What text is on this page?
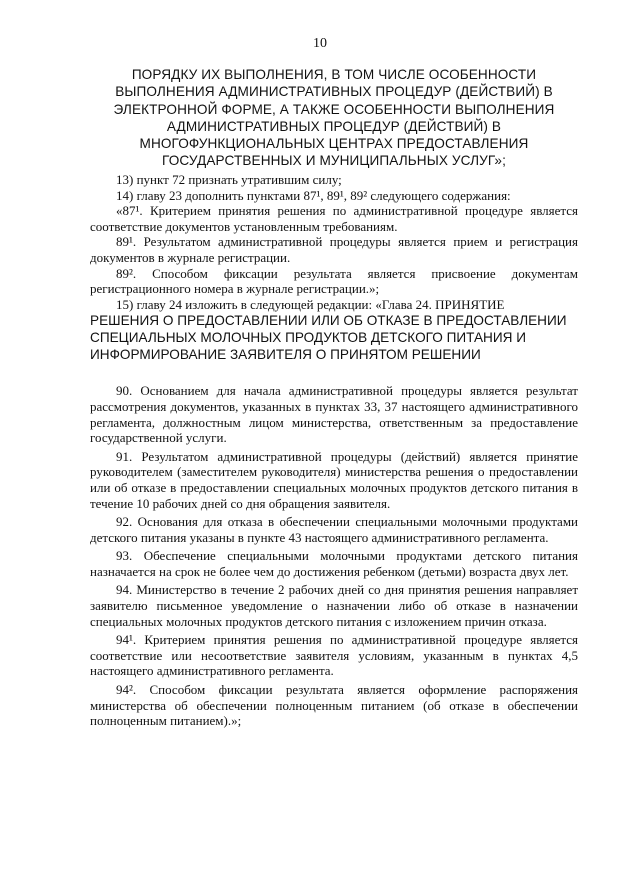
10
ПОРЯДКУ ИХ ВЫПОЛНЕНИЯ, В ТОМ ЧИСЛЕ ОСОБЕННОСТИ
ВЫПОЛНЕНИЯ АДМИНИСТРАТИВНЫХ ПРОЦЕДУР (ДЕЙСТВИЙ) В
ЭЛЕКТРОННОЙ ФОРМЕ, А ТАКЖЕ ОСОБЕННОСТИ ВЫПОЛНЕНИЯ
АДМИНИСТРАТИВНЫХ ПРОЦЕДУР (ДЕЙСТВИЙ) В
МНОГОФУНКЦИОНАЛЬНЫХ ЦЕНТРАХ ПРЕДОСТАВЛЕНИЯ
ГОСУДАРСТВЕННЫХ И МУНИЦИПАЛЬНЫХ УСЛУГ»;

13) пункт 72 признать утратившим силу;

14) главу 23 дополнить пунктами 87¹, 89¹, 89² следующего содержания:

«87¹. Критерием принятия решения по административной процедуре является соответствие документов установленным требованиям.

89¹. Результатом административной процедуры является прием и регистрация документов в журнале регистрации.

89². Способом фиксации результата является присвоение документам регистрационного номера в журнале регистрации.»;

15) главу 24 изложить в следующей редакции: «Глава 24. ПРИНЯТИЕ

РЕШЕНИЯ О ПРЕДОСТАВЛЕНИИ ИЛИ ОБ ОТКАЗЕ В ПРЕДОСТАВЛЕНИИ СПЕЦИАЛЬНЫХ МОЛОЧНЫХ ПРОДУКТОВ ДЕТСКОГО ПИТАНИЯ И ИНФОРМИРОВАНИЕ ЗАЯВИТЕЛЯ О ПРИНЯТОМ РЕШЕНИИ

90. Основанием для начала административной процедуры является результат рассмотрения документов, указанных в пунктах 33, 37 настоящего административного регламента, должностным лицом министерства, ответственным за предоставление государственной услуги.

91. Результатом административной процедуры (действий) является принятие руководителем (заместителем руководителя) министерства решения о предоставлении или об отказе в предоставлении специальных молочных продуктов детского питания в течение 10 рабочих дней со дня обращения заявителя.

92. Основания для отказа в обеспечении специальными молочными продуктами детского питания указаны в пункте 43 настоящего административного регламента.

93. Обеспечение специальными молочными продуктами детского питания назначается на срок не более чем до достижения ребенком (детьми) возраста двух лет.

94. Министерство в течение 2 рабочих дней со дня принятия решения направляет заявителю письменное уведомление о назначении либо об отказе в назначении специальных молочных продуктов детского питания с изложением причин отказа.

94¹. Критерием принятия решения по административной процедуре является соответствие или несоответствие заявителя условиям, указанным в пунктах 4,5 настоящего административного регламента.

94². Способом фиксации результата является оформление распоряжения министерства об обеспечении полноценным питанием (об отказе в обеспечении полноценным питанием).»;
